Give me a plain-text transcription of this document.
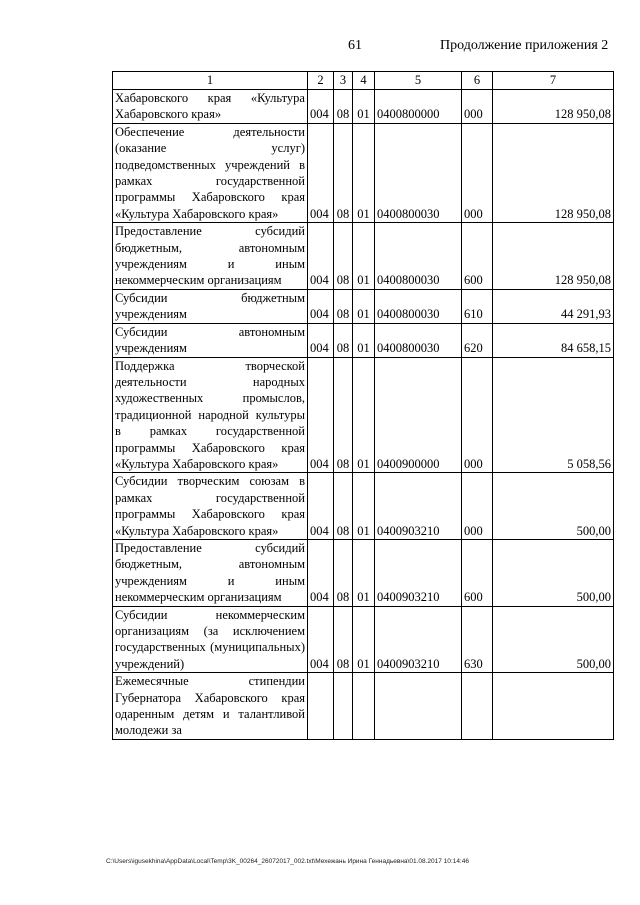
61	Продолжение приложения 2
1	2	3	4	5	6	7
Хабаровского края «Культура Хабаровского края»	004	08	01	0400800000	000	128 950,08
Обеспечение деятельности (оказание услуг) подведомственных учреждений в рамках государственной программы Хабаровского края «Культура Хабаровского края»	004	08	01	0400800030	000	128 950,08
Предоставление субсидий бюджетным, автономным учреждениям и иным некоммерческим организациям	004	08	01	0400800030	600	128 950,08
Субсидии бюджетным учреждениям	004	08	01	0400800030	610	44 291,93
Субсидии автономным учреждениям	004	08	01	0400800030	620	84 658,15
Поддержка творческой деятельности народных художественных промыслов, традиционной народной культуры в рамках государственной программы Хабаровского края «Культура Хабаровского края»	004	08	01	0400900000	000	5 058,56
Субсидии творческим союзам в рамках государственной программы Хабаровского края «Культура Хабаровского края»	004	08	01	0400903210	000	500,00
Предоставление субсидий бюджетным, автономным учреждениям и иным некоммерческим организациям	004	08	01	0400903210	600	500,00
Субсидии некоммерческим организациям (за исключением государственных (муниципальных) учреждений)	004	08	01	0400903210	630	500,00
Ежемесячные стипендии Губернатора Хабаровского края одаренным детям и талантливой молодежи за						
C:\Users\igusekhina\AppData\Local\Temp\3K_00264_26072017_002.txt\Мехежань Ирина Геннадьевна\01.08.2017 10:14:46
